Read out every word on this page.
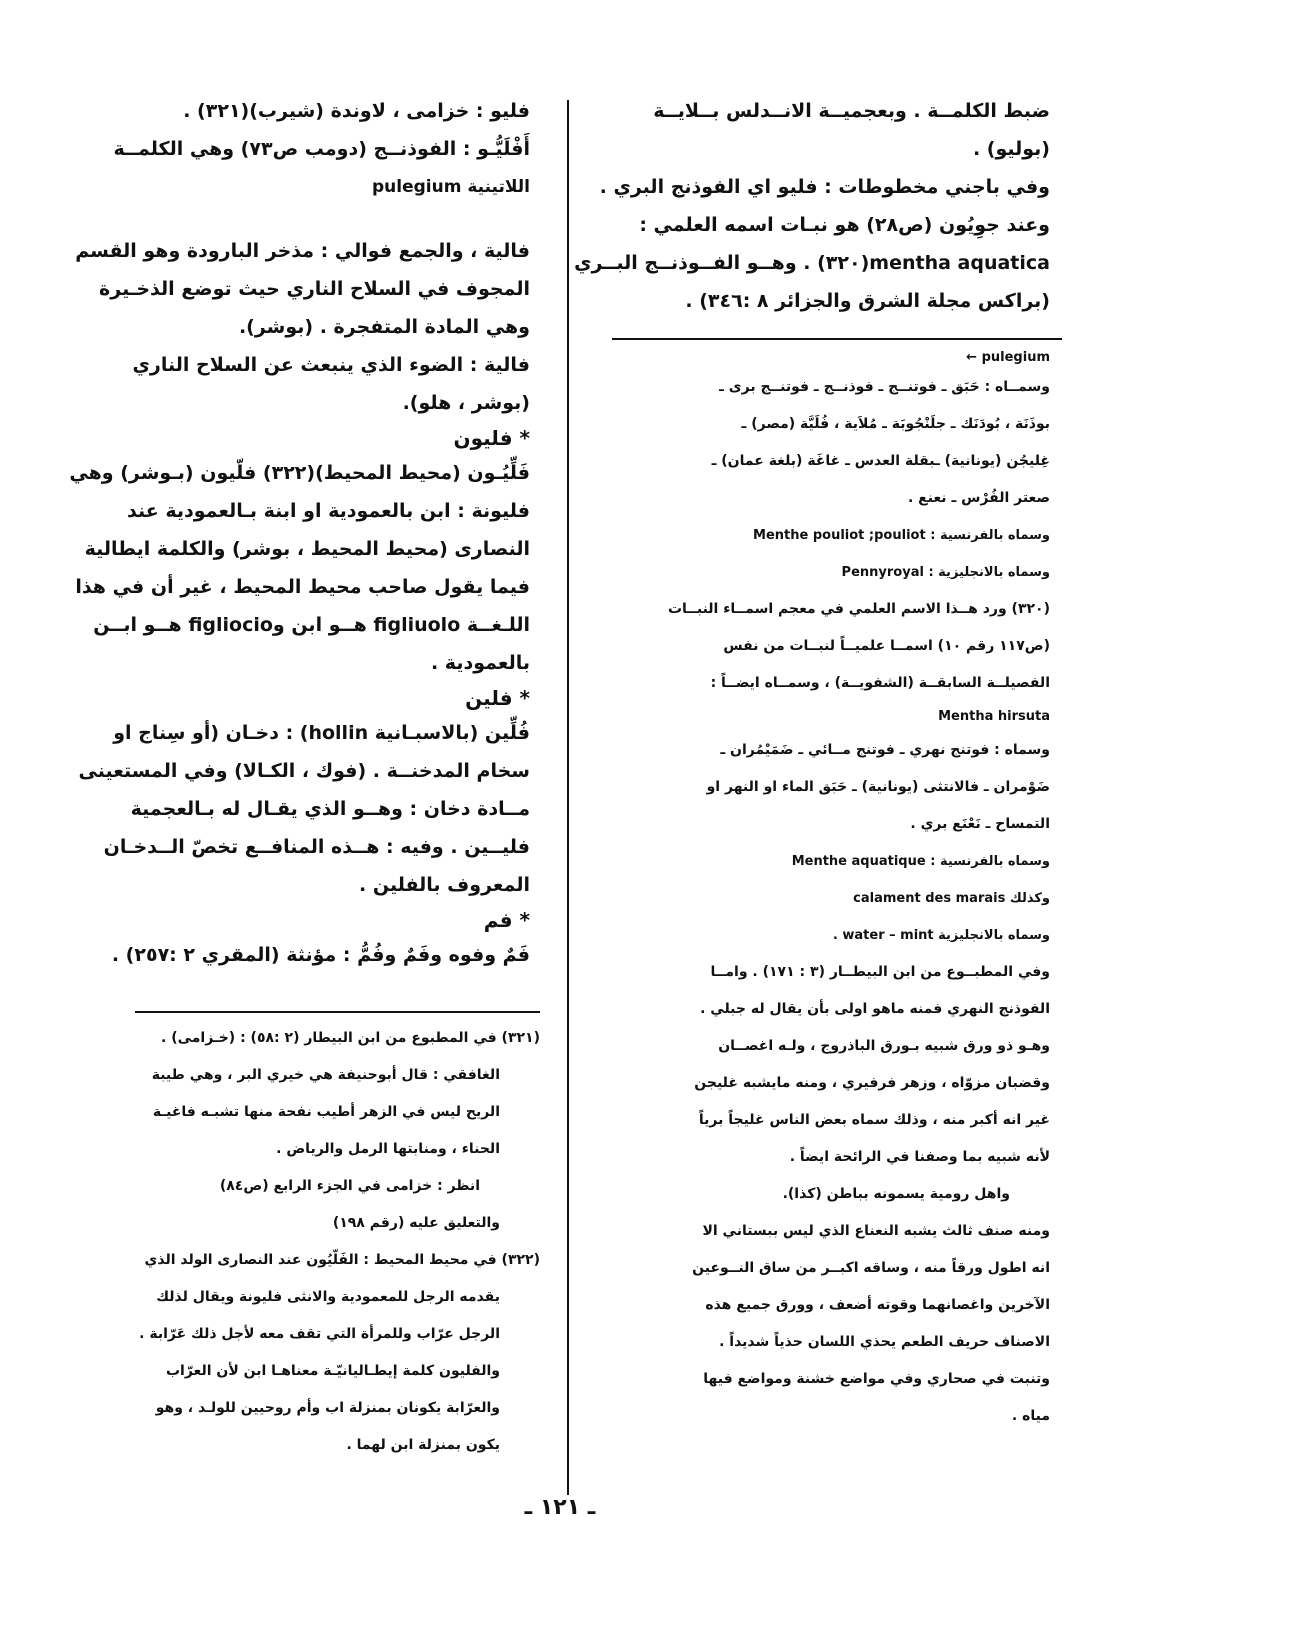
ضبط الكلمــة . وبعجميــة الانــدلس بــلايــة
(بوليو) .
وفي باجني مخطوطات : فليو اي الفوذنج البري .
وعند جوِيُون (ص٢٨) هو نبـات اسمه العلمي :
mentha aquatica(٣٢٠) . وهــو الفــوذنــج البــري
(براكس مجلة الشرق والجزائر ٨ :٣٤٦) .
pulegium ←
وسمــاه : حَبَق ـ فوتنــج ـ فوذنــج ـ فوتنــج برى ـ
بوذَنَة ، بُودَنَك ـ جلَنْجُوبَة ـ مُلاَية ، فُلَيَّة (مصر) ـ
غِليجُن (يونانية) ـبقلة العدس ـ غاغَة (بلغة عمان) ـ
صعتر الفُرْس ـ نعنع .
وسماه بالفرنسية : Menthe pouliot ;pouliot
وسماه بالانجليزية : Pennyroyal
(٣٢٠) ورد هــذا الاسم العلمي في معجم اسمــاء النبــات
(ص١١٧ رقم ١٠) اسمــا علميــاً لنبــات من نفس
الفصيلــة السابقــة (الشفويــة) ، وسمــاه ايضــاً :
Mentha hirsuta
وسماه : فوتنج نهري ـ فوتنج مــائي ـ ضَمَيْمُران ـ
ضَوْمران ـ فالانتثى (يونانية) ـ حَبَق الماء او النهر او
التمساح ـ نَعْنَع بري .
وسماه بالفرنسية : Menthe aquatique
وكذلك calament des marais
وسماه بالانجليزية water – mint .
وفي المطبــوع من ابن البيطــار (٣ : ١٧١) . وامــا
الفوذنج النهري فمنه ماهو اولى بأن يقال له جبلي .
وهـو ذو ورق شبيه بـورق الباذروج ، ولـه اغصــان
وقضبان مزوّاه ، وزهر فرفيري ، ومنه مايشبه غليجن
غير انه أكبر منه ، وذلك سماه بعض الناس غليجاً برياً
لأنه شبيه بما وصفنا في الرائحة ايضاً .
واهل رومية يسمونه بباطن (كذا).
ومنه صنف ثالث يشبه النعناع الذي ليس ببستاني الا
انه اطول ورقاً منه ، وساقه اكبــر من ساق النــوعين
الآخرين واغصانهما وقوته أضعف ، وورق جميع هذه
الاصناف حريف الطعم يحذي اللسان حذياً شديداً .
وتنبت في صحاري وفي مواضع خشنة ومواضع فيها
مياه .
فليو : خزامى ، لاوندة (شيرب)(٣٢١) .
أَفْلَيُّـو : الفوذنــج (دومب ص٧٣) وهي الكلمــة
اللاتينية pulegium
فالية ، والجمع فوالي : مذخر البارودة وهو القسم
المجوف في السلاح الناري حيث توضع الذخـيرة
وهي المادة المتفجرة . (بوشر).
فالية : الضوء الذي ينبعث عن السلاح الناري
(بوشر ، هلو).
* فليون
فَلِّيُـون (محيط المحيط)(٣٢٢) فلّيون (بـوشر) وهي
فليونة : ابن بالعمودية او ابنة بـالعمودية عند
النصارى (محيط المحيط ، بوشر) والكلمة ايطالية
فيما يقول صاحب محيط المحيط ، غير أن في هذا
اللـغــة figliuolo هــو ابن وfigliocio هــو ابــن
بالعمودية .
* فلين
فُلِّين (بالاسبـانية hollin) : دخـان (أو سِناج او
سخام المدخنــة . (فوك ، الكـالا) وفي المستعينى
مــادة دخان : وهــو الذي يقـال له بـالعجمية
فليــين . وفيه : هــذه المنافــع تخصّ الــدخـان
المعروف بالفلين .
* فم
فَمٌ وفوه وفَمٌ وفُمُّ : مؤنثة (المقري ٢ :٢٥٧) .
(٣٢١) في المطبوع من ابن البيطار (٢ :٥٨) : (خـزامى) .
الغافقي : قال أبوحنيفة هي خيري البر ، وهي طيبة
الريح ليس في الزهر أطيب نفحة منها تشبـه فاغيـة
الحناء ، ومنابتها الرمل والرياض .
انظر : خزامى في الجزء الرابع (ص٨٤)
والتعليق عليه (رقم ١٩٨)
(٣٢٢) في محيط المحيط : الفَلّيُون عند النصارى الولد الذي
يقدمه الرجل للمعمودية والانثى فليونة ويقال لذلك
الرجل عرّاب وللمرأة التي تقف معه لأجل ذلك عَرّابة .
والفليون كلمة إيطـاليانيّـة معناهـا ابن لأن العرّاب
والعرّابة يكونان بمنزلة اب وأم روحيين للولـد ، وهو
يكون بمنزلة ابن لهما .
ـ ١٢١ ـ
